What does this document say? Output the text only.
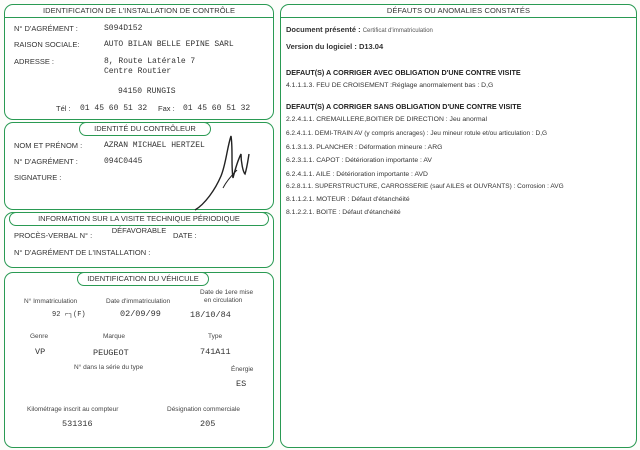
IDENTIFICATION DE L'INSTALLATION DE CONTRÔLE
N° D'AGRÉMENT :	S094D152
RAISON SOCIALE:	AUTO BILAN BELLE EPINE SARL
ADRESSE :	8, Route Latérale 7
Centre Routier
94150 RUNGIS
Tél : 01 45 60 51 32 Fax : 01 45 60 51 32
IDENTITÉ DU CONTRÔLEUR
NOM ET PRÉNOM :	AZRAN MICHAEL HERTZEL
N° D'AGRÉMENT :	094C0445
SIGNATURE :
INFORMATION SUR LA VISITE TECHNIQUE PÉRIODIQUE DÉFAVORABLE
PROCÈS-VERBAL N° :	DATE :
N° D'AGRÉMENT DE L'INSTALLATION :
IDENTIFICATION DU VÉHICULE
N° Immatriculation
92 ⌐┐(F)
Date d'immatriculation
02/09/99
Date de 1ere mise
en circulation
18/10/84
Genre
VP
Marque
PEUGEOT
Type
741A11
N° dans la série du type	Énergie
ES
Kilométrage inscrit au compteur
531316
Désignation commerciale
205
DÉFAUTS OU ANOMALIES CONSTATÉS
Document présenté : Certificat d'immatriculation
Version du logiciel : D13.04
DEFAUT(S) A CORRIGER AVEC OBLIGATION D'UNE CONTRE VISITE
4.1.1.1.3. FEU DE CROISEMENT :Réglage anormalement bas : D,G
DEFAUT(S) A CORRIGER SANS OBLIGATION D'UNE CONTRE VISITE
2.2.4.1.1. CREMAILLERE,BOITIER DE DIRECTION : Jeu anormal
6.2.4.1.1. DEMI-TRAIN AV (y compris ancrages) : Jeu mineur rotule et/ou articulation : D,G
6.1.3.1.3. PLANCHER : Déformation mineure : ARG
6.2.3.1.1. CAPOT : Détérioration importante : AV
6.2.4.1.1. AILE : Détérioration importante : AVD
6.2.8.1.1. SUPERSTRUCTURE, CARROSSERIE (sauf AILES et OUVRANTS) : Corrosion : AVG
8.1.1.2.1. MOTEUR : Défaut d'étanchéité
8.1.2.2.1. BOITE : Défaut d'étanchéité
